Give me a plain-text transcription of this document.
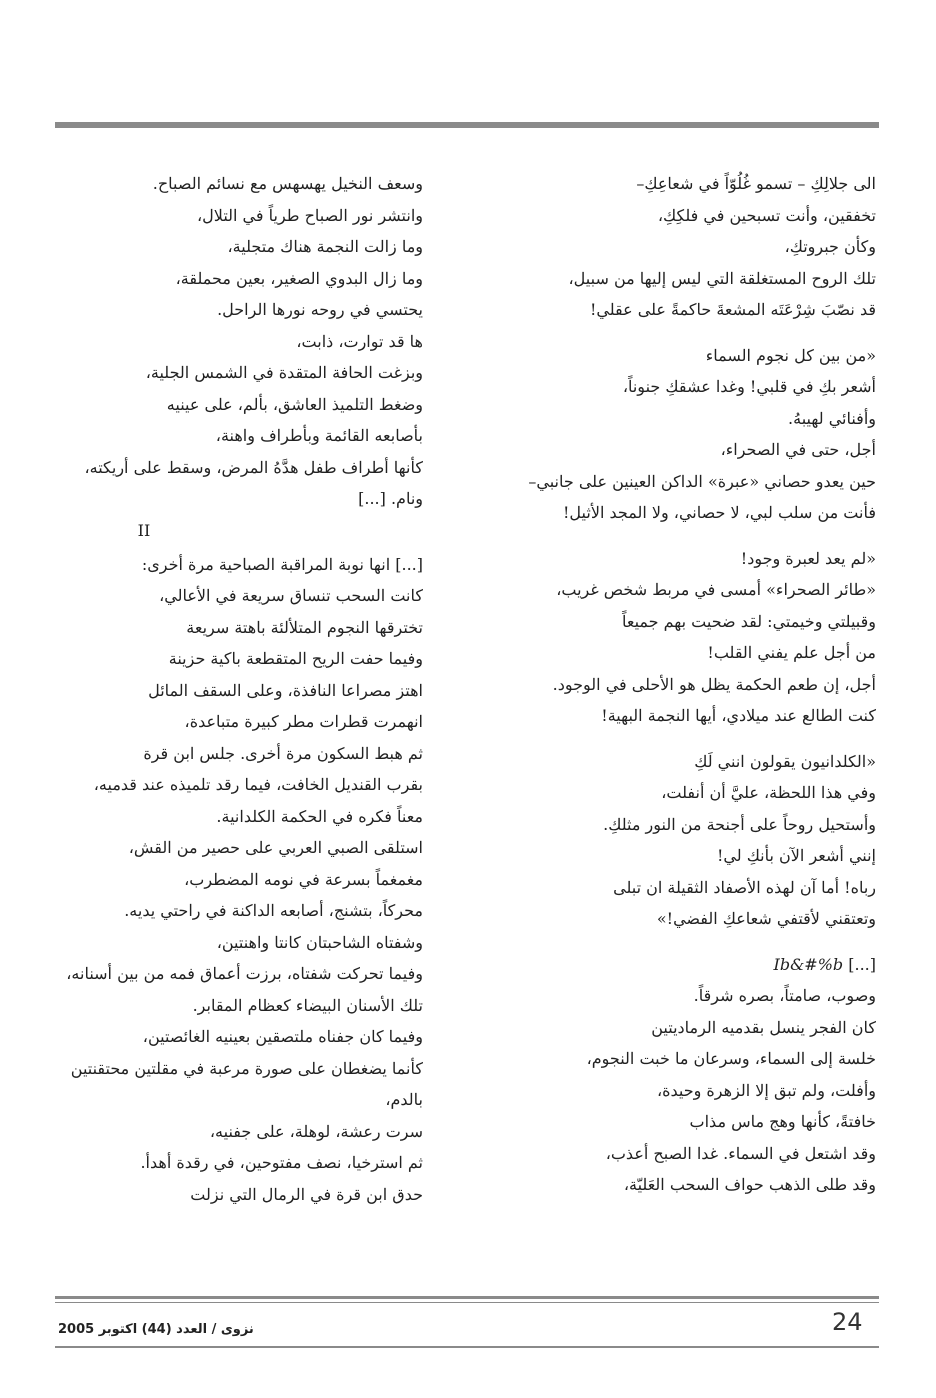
الى جلالِكِ – تسمو غُلُوّاً في شعاعِكِ–
تخفقين، وأنت تسبحين في فلكِكِ،
وكأن جبروتكِ،
تلك الروح المستغلقة التي ليس إليها من سبيل،
قد نصّبَ شِرْعَتَه المشعةَ حاكمةً على عقلي!
«من بين كل نجوم السماء
أشعر بكِ في قلبي! وغدا عشقكِ جنوناً،
وأفنائي لهيبهُ.
أجل، حتى في الصحراء،
حين يعدو حصاني «عبرة» الداكن العينين على جانبي–
فأنت من سلب لبي، لا حصاني، ولا المجد الأثيل!
«لم يعد لعبرة وجود!
«طائر الصحراء» أمسى في مربط شخص غريب،
وقبيلتي وخيمتي: لقد ضحيت بهم جميعاً
من أجل علم يفني القلب!
أجل، إن طعم الحكمة يظل هو الأحلى في الوجود.
كنت الطالع عند ميلادي، أيها النجمة البهية!
«الكلدانيون يقولون انني لَكِ
وفي هذا اللحظة، عليَّ أن أنفلت،
وأستحيل روحاً على أجنحة من النور مثلكِ.
إنني أشعر الآن بأنكِ لي!
رباه! أما آن لهذه الأصفاد الثقيلة ان تبلى
وتعتقني لأقتفي شعاعكِ الفضي!»
[...] Ib&#%b
وصوب، صامتاً، بصره شرقاً.
كان الفجر ينسل بقدميه الرماديتين
خلسة إلى السماء، وسرعان ما خبت النجوم،
وأفلت، ولم تبق إلا الزهرة وحيدة،
خافتةً، كأنها وهج ماس مذاب
وقد اشتعل في السماء. غدا الصبح أعذب،
وقد طلى الذهب حواف السحب العَليّة،
وسعف النخيل يهسهس مع نسائم الصباح.
وانتشر نور الصباح طرياً في التلال،
وما زالت النجمة هناك متجلية،
وما زال البدوي الصغير، بعين محملقة،
يحتسي في روحه نورها الراحل.
ها قد توارت، ذابت،
وبزغت الحافة المتقدة في الشمس الجلية،
وضغط التلميذ العاشق، بألم، على عينيه
بأصابعه القائمة وبأطراف واهنة،
كأنها أطراف طفل هدَّهُ المرض، وسقط على أريكته،
ونام. [...]
II
[...] انها نوبة المراقبة الصباحية مرة أخرى:
كانت السحب تنساق سريعة في الأعالي،
تخترقها النجوم المتلألئة باهتة سريعة
وفيما حفت الريح المتقطعة باكية حزينة
اهتز مصراعا النافذة، وعلى السقف المائل
انهمرت قطرات مطر كبيرة متباعدة،
ثم هبط السكون مرة أخرى. جلس ابن قرة
بقرب القنديل الخافت، فيما رقد تلميذه عند قدميه،
معناً فكره في الحكمة الكلدانية.
استلقى الصبي العربي على حصير من القش،
مغمغماً بسرعة في نومه المضطرب،
محركاً، بتشنج، أصابعه الداكنة في راحتي يديه.
وشفتاه الشاحبتان كانتا واهنتين،
وفيما تحركت شفتاه، برزت أعماق فمه من بين أسنانه،
تلك الأسنان البيضاء كعظام المقابر.
وفيما كان جفناه ملتصقين بعينيه الغائصتين،
كأنما يضغطان على صورة مرعبة في مقلتين محتقنتين
بالدم،
سرت رعشة، لوهلة، على جفنيه،
ثم استرخيا، نصف مفتوحين، في رقدة أهدأ.
حدق ابن قرة في الرمال التي نزلت
24
نزوى / العدد (44) اكتوبر 2005
